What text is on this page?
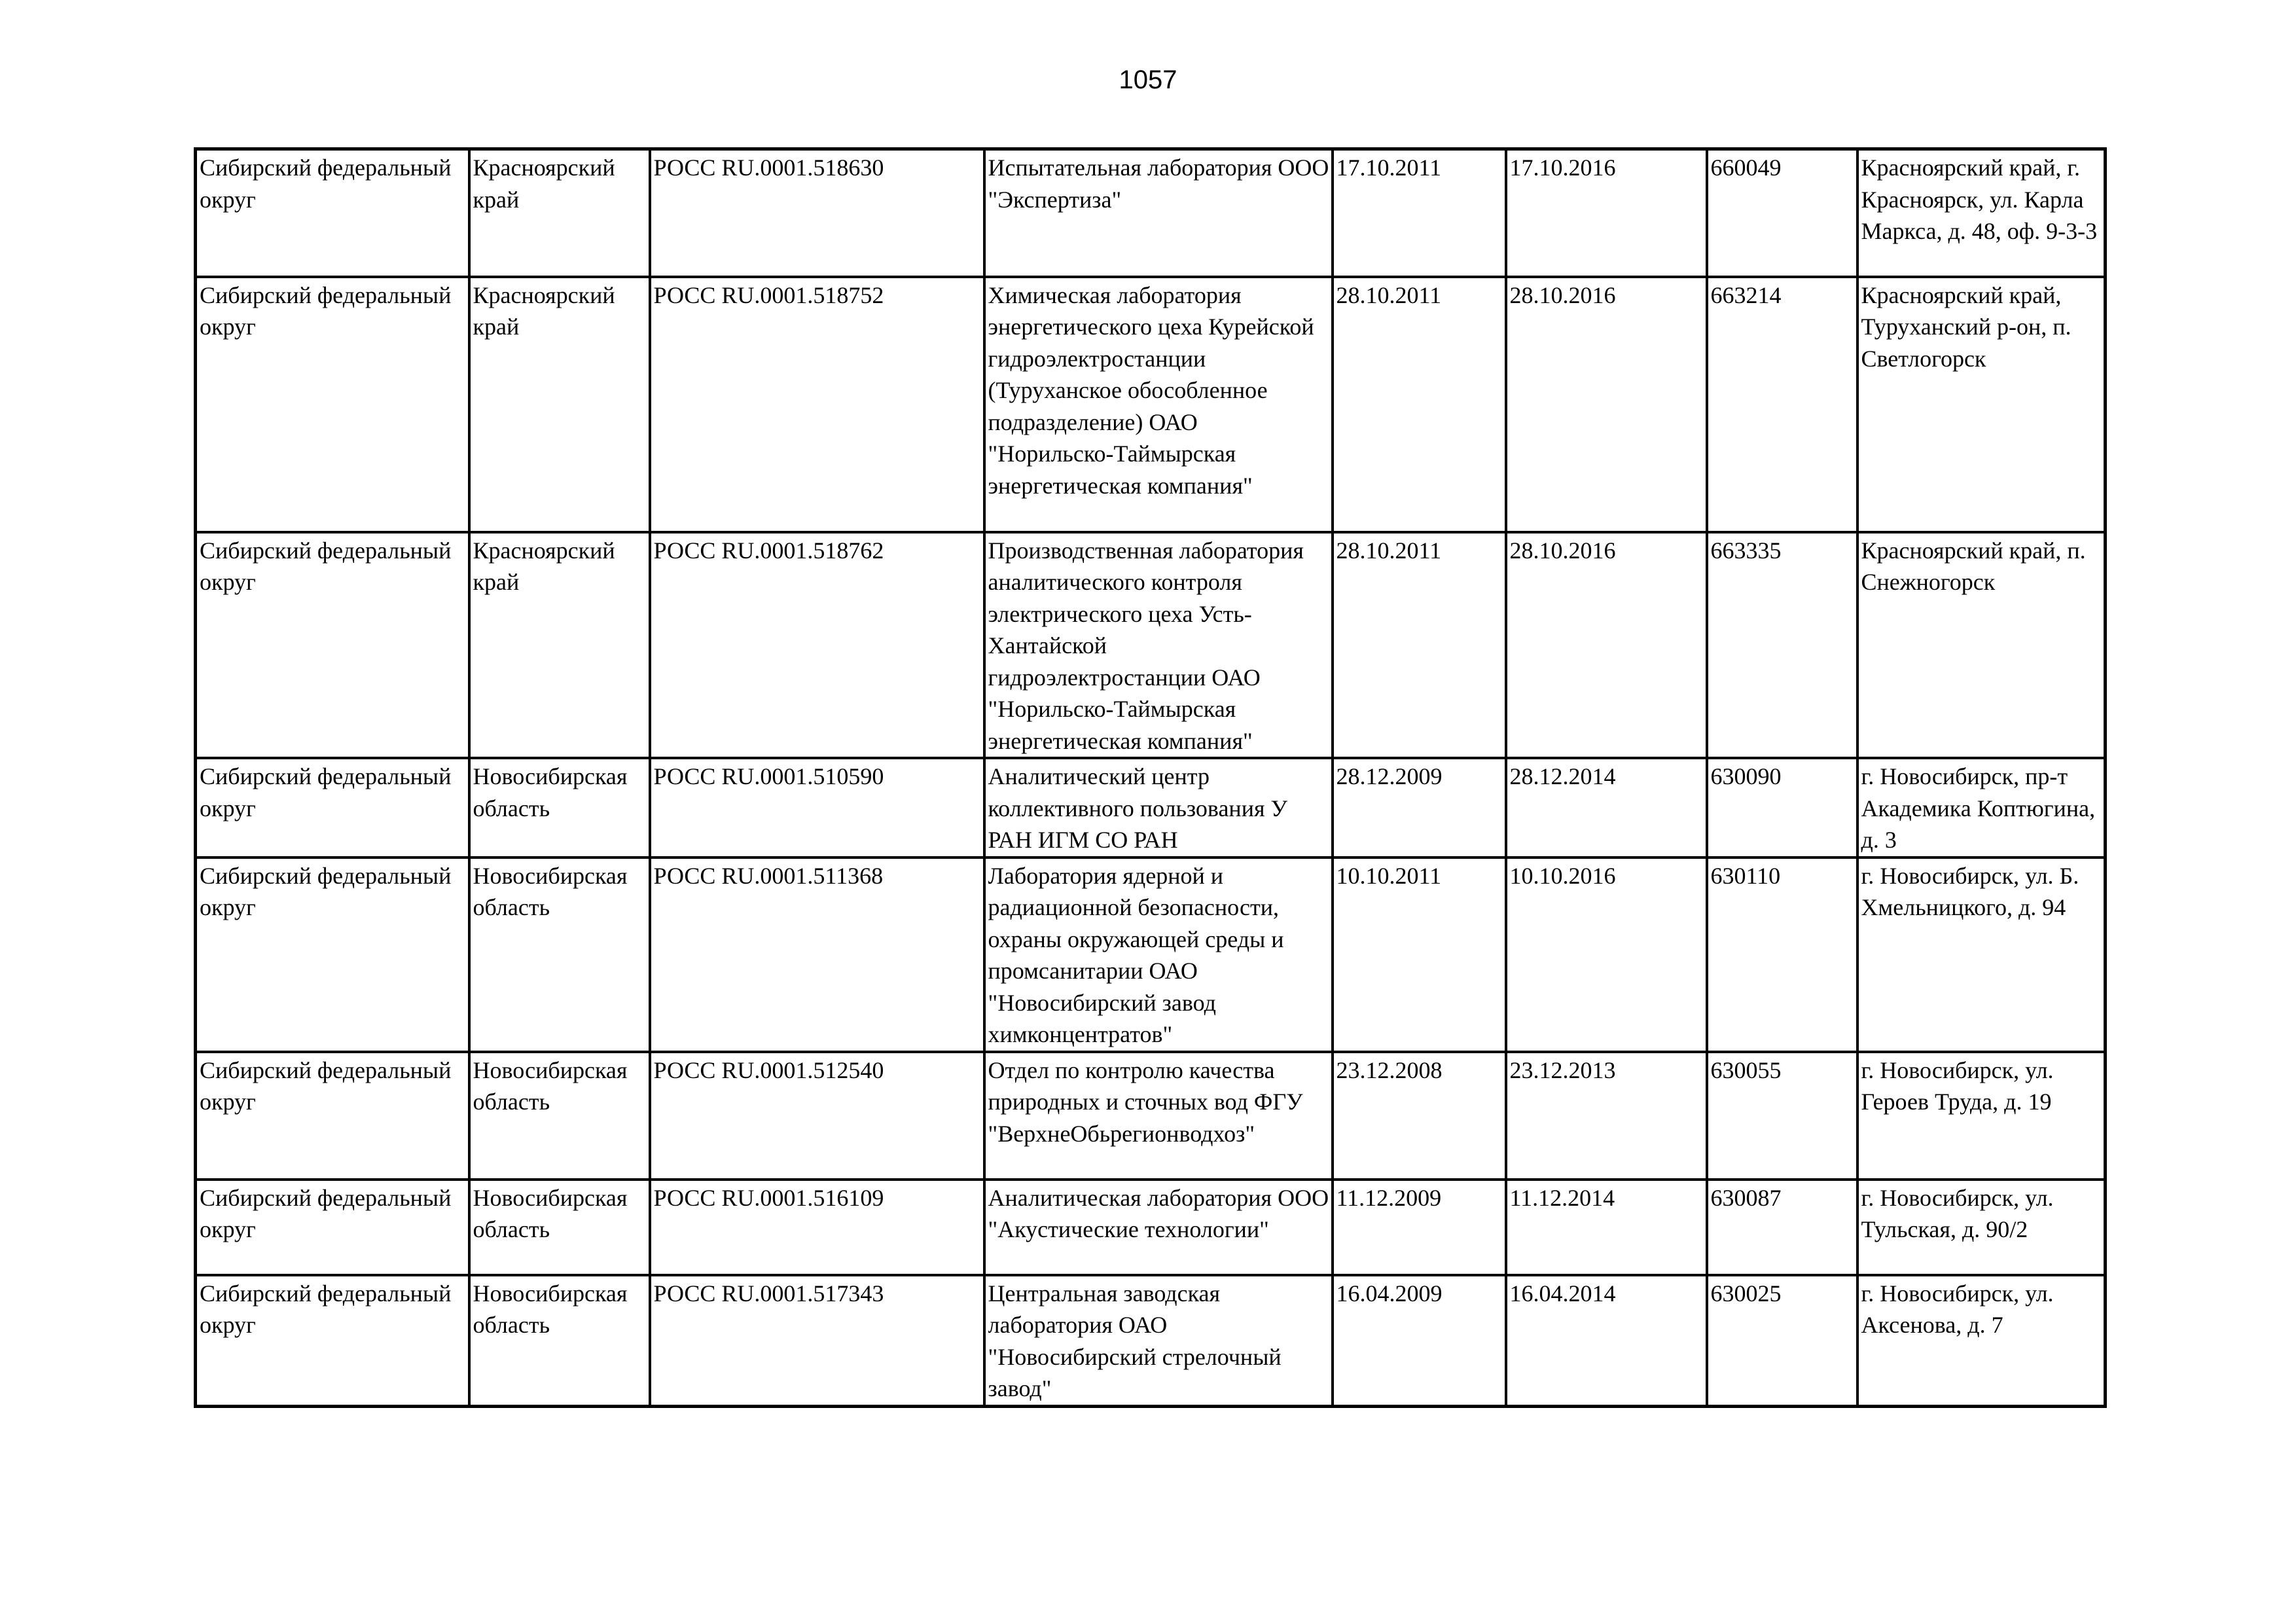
1057
Сибирский федеральный округ	Красноярский край	РОСС RU.0001.518630	Испытательная лаборатория ООО "Экспертиза"	17.10.2011	17.10.2016	660049	Красноярский край, г. Красноярск, ул. Карла Маркса, д. 48, оф. 9-3-3
Сибирский федеральный округ	Красноярский край	РОСС RU.0001.518752	Химическая лаборатория энергетического цеха Курейской гидроэлектростанции (Туруханское обособленное подразделение) ОАО "Норильско-Таймырская энергетическая компания"	28.10.2011	28.10.2016	663214	Красноярский край, Туруханский р-он, п. Светлогорск
Сибирский федеральный округ	Красноярский край	РОСС RU.0001.518762	Производственная лаборатория аналитического контроля электрического цеха Усть-Хантайской гидроэлектростанции ОАО "Норильско-Таймырская энергетическая компания"	28.10.2011	28.10.2016	663335	Красноярский край, п. Снежногорск
Сибирский федеральный округ	Новосибирская область	РОСС RU.0001.510590	Аналитический центр коллективного пользования У РАН ИГМ СО РАН	28.12.2009	28.12.2014	630090	г. Новосибирск, пр-т Академика Коптюгина, д. 3
Сибирский федеральный округ	Новосибирская область	РОСС RU.0001.511368	Лаборатория ядерной и радиационной безопасности, охраны окружающей среды и промсанитарии ОАО "Новосибирский завод химконцентратов"	10.10.2011	10.10.2016	630110	г. Новосибирск, ул. Б. Хмельницкого, д. 94
Сибирский федеральный округ	Новосибирская область	РОСС RU.0001.512540	Отдел по контролю качества природных и сточных вод ФГУ "ВерхнеОбьрегионводхоз"	23.12.2008	23.12.2013	630055	г. Новосибирск, ул. Героев Труда, д. 19
Сибирский федеральный округ	Новосибирская область	РОСС RU.0001.516109	Аналитическая лаборатория ООО "Акустические технологии"	11.12.2009	11.12.2014	630087	г. Новосибирск, ул. Тульская, д. 90/2
Сибирский федеральный округ	Новосибирская область	РОСС RU.0001.517343	Центральная заводская лаборатория ОАО "Новосибирский стрелочный завод"	16.04.2009	16.04.2014	630025	г. Новосибирск, ул. Аксенова, д. 7
